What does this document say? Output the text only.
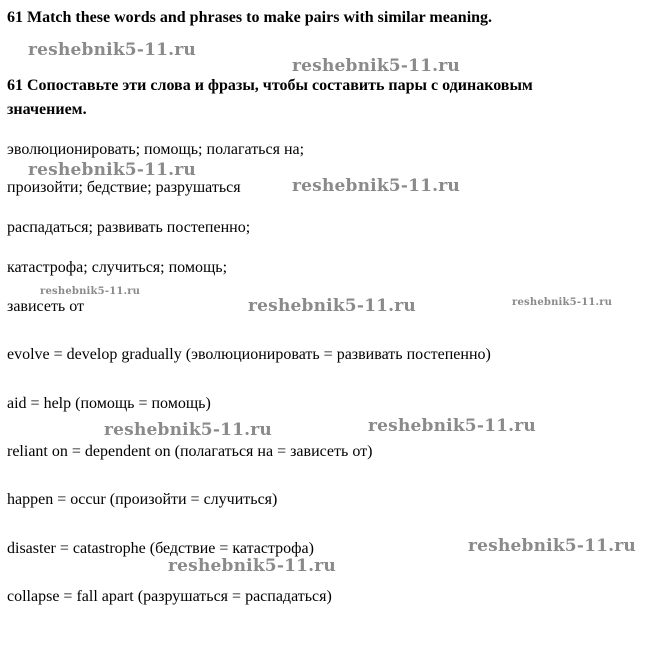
61 Match these words and phrases to make pairs with similar meaning.
61 Сопоставьте эти слова и фразы, чтобы составить пары с одинаковым
значением.
эволюционировать; помощь; полагаться на;
произойти; бедствие; разрушаться
распадаться; развивать постепенно;
катастрофа; случиться; помощь;
зависеть от
evolve = develop gradually (эволюционировать = развивать постепенно)
aid = help (помощь = помощь)
reliant on = dependent on (полагаться на = зависеть от)
happen = occur (произойти = случиться)
disaster = catastrophe (бедствие = катастрофа)
collapse = fall apart (разрушаться = распадаться)
reshebnik5-11.ru
reshebnik5-11.ru
reshebnik5-11.ru
reshebnik5-11.ru
reshebnik5-11.ru
reshebnik5-11.ru	reshebnik5-11.ru
reshebnik5-11.ru	reshebnik5-11.ru
reshebnik5-11.ru
reshebnik5-11.ru
